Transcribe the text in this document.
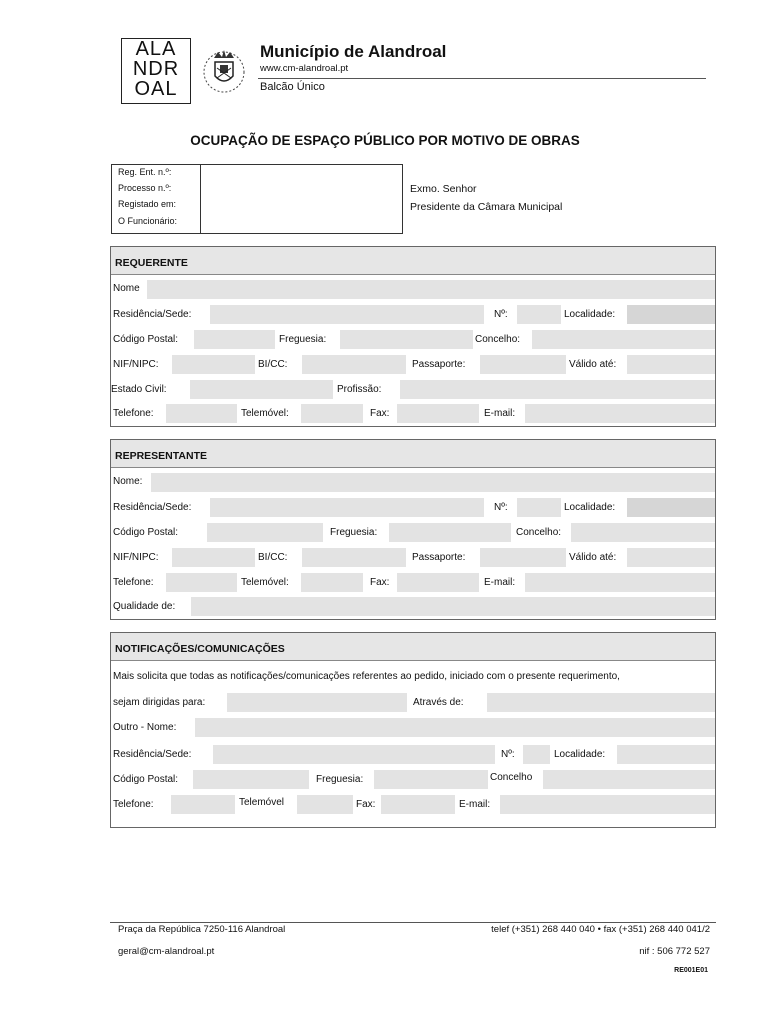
ALA
NDR
OAL
Município de Alandroal
www.cm-alandroal.pt
Balcão Único
OCUPAÇÃO DE ESPAÇO PÚBLICO POR MOTIVO DE OBRAS
Reg. Ent. n.º:
Processo n.º:
Registado em:
O Funcionário:
Exmo. Senhor
Presidente da Câmara Municipal
REQUERENTE
Nome
Residência/Sede:	Nº:	Localidade:
Código Postal:	Freguesia:	Concelho:
NIF/NIPC:	BI/CC:	Passaporte:	Válido até:
Estado Civil:	Profissão:
Telefone:	Telemóvel:	Fax:	E-mail:
REPRESENTANTE
Nome:
Residência/Sede:	Nº:	Localidade:
Código Postal:	Freguesia:	Concelho:
NIF/NIPC:	BI/CC:	Passaporte:	Válido até:
Telefone:	Telemóvel:	Fax:	E-mail:
Qualidade de:
NOTIFICAÇÕES/COMUNICAÇÕES
Mais solicita que todas as notificações/comunicações referentes ao pedido, iniciado com o presente requerimento,
sejam dirigidas para:	Através de:
Outro - Nome:
Residência/Sede:	Nº:	Localidade:
Código Postal:	Freguesia:	Concelho
Telefone:	Telemóvel	Fax:	E-mail:
Praça da República 7250-116 Alandroal	telef (+351) 268 440 040 • fax (+351) 268 440 041/2
geral@cm-alandroal.pt	nif : 506 772 527
RE001E01
